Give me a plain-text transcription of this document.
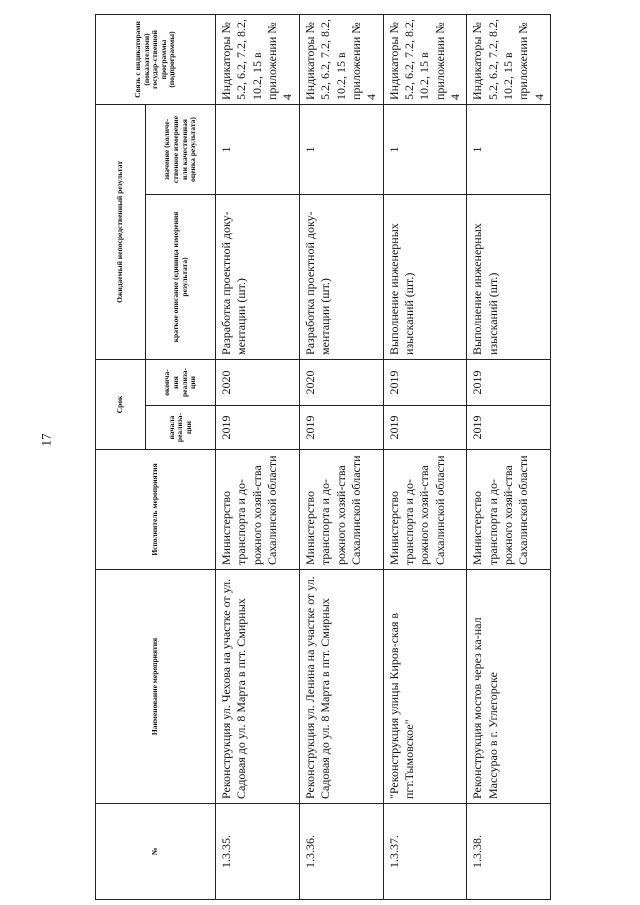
17
№	Наименование мероприятия	Исполнитель мероприятия	Срок		Ожидаемый непосредственный результат		Связь с индикаторами (показателями) государ-ственной программы (подпрограммы)
			начала реализа-ции	оконча-ния реализа-ции	краткое описание (единица измерения результата)	значение (количе-ственное измерение или качественная оценка результата)	
1.3.35.	Реконструкция ул. Чехова на участке от ул. Садовая до ул. 8 Марта в пгт. Смирных	Министерство транспорта и до-рожного хозяй-ства Сахалинской области	2019	2020	Разработка проектной доку-ментации (шт.)	1	Индикаторы № 5.2, 6.2, 7.2, 8.2, 10.2, 15 в приложении № 4
1.3.36.	Реконструкция ул. Ленина на участке от ул. Садовая до ул. 8 Марта в пгт. Смирных	Министерство транспорта и до-рожного хозяй-ства Сахалинской области	2019	2020	Разработка проектной доку-ментации (шт.)	1	Индикаторы № 5.2, 6.2, 7.2, 8.2, 10.2, 15 в приложении № 4
1.3.37.	"Реконструкция улицы Киров-ская в пгт.Тымовское"	Министерство транспорта и до-рожного хозяй-ства Сахалинской области	2019	2019	Выполнение инженерных изысканий (шт.)	1	Индикаторы № 5.2, 6.2, 7.2, 8.2, 10.2, 15 в приложении № 4
1.3.38.	Реконструкция мостов через ка-нал Массурао в г. Углегорске	Министерство транспорта и до-рожного хозяй-ства Сахалинской области	2019	2019	Выполнение инженерных изысканий (шт.)	1	Индикаторы № 5.2, 6.2, 7.2, 8.2, 10.2, 15 в приложении № 4
